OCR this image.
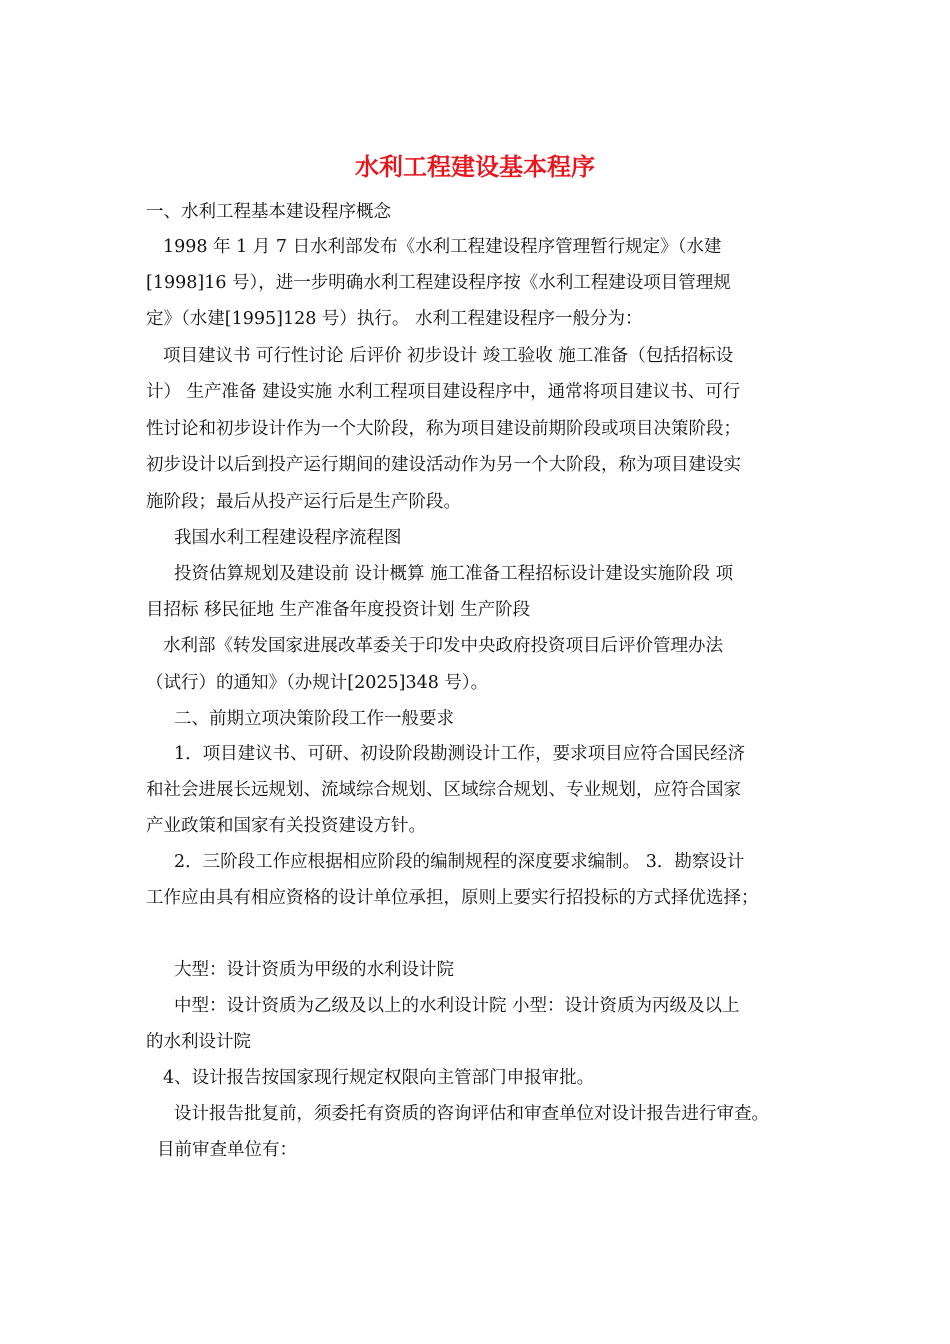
水利工程建设基本程序

一、水利工程基本建设程序概念

1998 年 1 月 7 日水利部发布《水利工程建设程序管理暂行规定》（水建

[1998]16 号），进一步明确水利工程建设程序按《水利工程建设项目管理规

定》（水建[1995]128 号）执行。 水利工程建设程序一般分为：

项目建议书 可行性讨论 后评价 初步设计 竣工验收 施工准备（包括招标设

计） 生产准备 建设实施 水利工程项目建设程序中，通常将项目建议书、可行

性讨论和初步设计作为一个大阶段，称为项目建设前期阶段或项目决策阶段；

初步设计以后到投产运行期间的建设活动作为另一个大阶段，称为项目建设实

施阶段；最后从投产运行后是生产阶段。

我国水利工程建设程序流程图

投资估算规划及建设前 设计概算 施工准备工程招标设计建设实施阶段 项

目招标 移民征地 生产准备年度投资计划 生产阶段

水利部《转发国家进展改革委关于印发中央政府投资项目后评价管理办法

（试行）的通知》（办规计[2025]348 号）。

二、前期立项决策阶段工作一般要求

1．项目建议书、可研、初设阶段勘测设计工作，要求项目应符合国民经济

和社会进展长远规划、流域综合规划、区域综合规划、专业规划，应符合国家

产业政策和国家有关投资建设方针。

2．三阶段工作应根据相应阶段的编制规程的深度要求编制。 3．勘察设计

工作应由具有相应资格的设计单位承担，原则上要实行招投标的方式择优选择；

大型：设计资质为甲级的水利设计院

中型：设计资质为乙级及以上的水利设计院 小型：设计资质为丙级及以上

的水利设计院

4、设计报告按国家现行规定权限向主管部门申报审批。

设计报告批复前，须委托有资质的咨询评估和审查单位对设计报告进行审查。

目前审查单位有：
